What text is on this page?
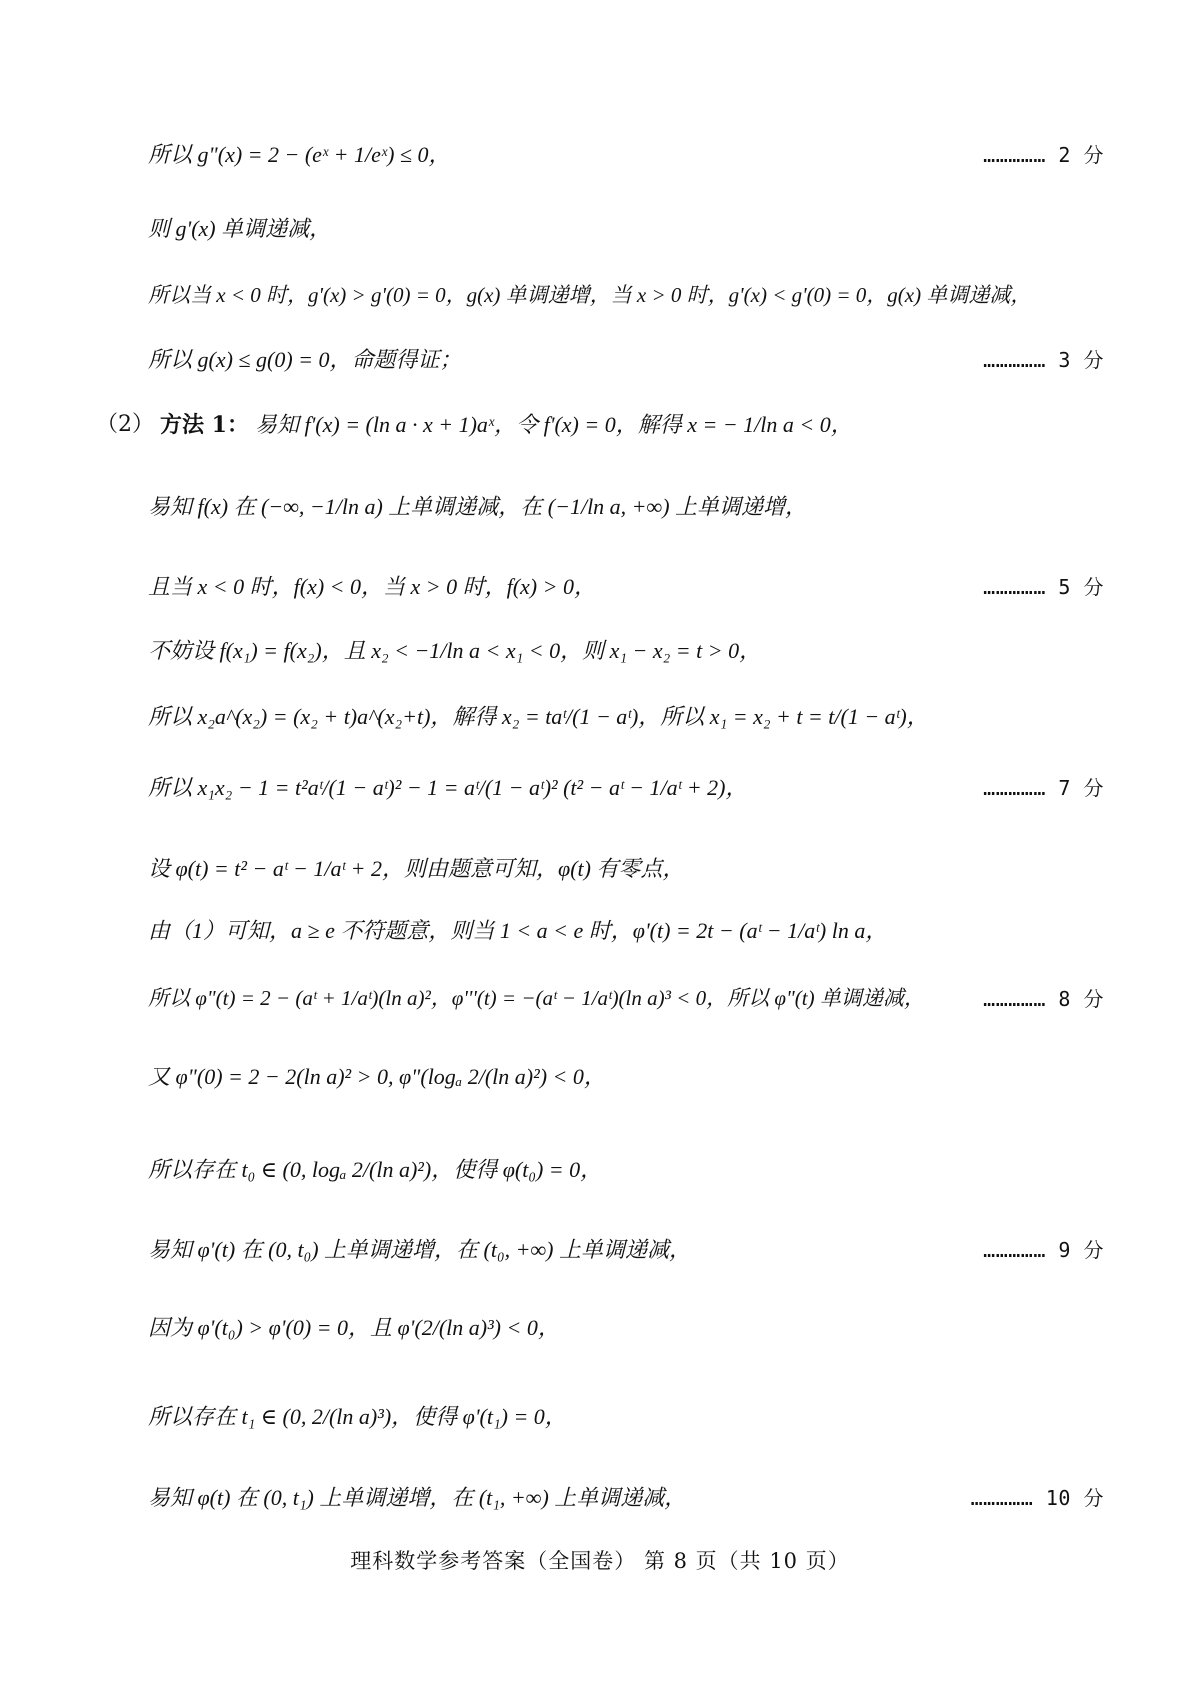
所以 g"(x) = 2 − (eˣ + 1/eˣ) ≤ 0，	…………… 2 分
则 g'(x) 单调递减，
所以当 x < 0 时，g'(x) > g'(0) = 0，g(x) 单调递增，当 x > 0 时，g'(x) < g'(0) = 0，g(x) 单调递减，
所以 g(x) ≤ g(0) = 0，命题得证；	…………… 3 分
（2） 方法 1： 易知 f'(x) = (ln a · x + 1)aˣ，令 f'(x) = 0，解得 x = − 1/ln a < 0，
易知 f(x) 在 (−∞, −1/ln a) 上单调递减，在 (−1/ln a, +∞) 上单调递增，
且当 x < 0 时，f(x) < 0，当 x > 0 时，f(x) > 0，	…………… 5 分
不妨设 f(x₁) = f(x₂)，且 x₂ < −1/ln a < x₁ < 0，则 x₁ − x₂ = t > 0，
所以 x₂a^(x₂) = (x₂ + t)a^(x₂+t)，解得 x₂ = taᵗ/(1 − aᵗ)，所以 x₁ = x₂ + t = t/(1 − aᵗ)，
所以 x₁x₂ − 1 = t²aᵗ/(1 − aᵗ)² − 1 = aᵗ/(1 − aᵗ)² (t² − aᵗ − 1/aᵗ + 2)，	…………… 7 分
设 φ(t) = t² − aᵗ − 1/aᵗ + 2，则由题意可知，φ(t) 有零点，
由（1）可知，a ≥ e 不符题意，则当 1 < a < e 时，φ'(t) = 2t − (aᵗ − 1/aᵗ) ln a，
所以 φ"(t) = 2 − (aᵗ + 1/aᵗ)(ln a)²，φ'''(t) = −(aᵗ − 1/aᵗ)(ln a)³ < 0，所以 φ"(t) 单调递减，	…………… 8 分
又 φ"(0) = 2 − 2(ln a)² > 0, φ"(logₐ 2/(ln a)²) < 0，
所以存在 t₀ ∈ (0, logₐ 2/(ln a)²)，使得 φ(t₀) = 0，
易知 φ'(t) 在 (0, t₀) 上单调递增，在 (t₀, +∞) 上单调递减，	…………… 9 分
因为 φ'(t₀) > φ'(0) = 0，且 φ'(2/(ln a)³) < 0，
所以存在 t₁ ∈ (0, 2/(ln a)³)，使得 φ'(t₁) = 0，
易知 φ(t) 在 (0, t₁) 上单调递增，在 (t₁, +∞) 上单调递减，	…………… 10 分
理科数学参考答案（全国卷） 第 8 页（共 10 页）
